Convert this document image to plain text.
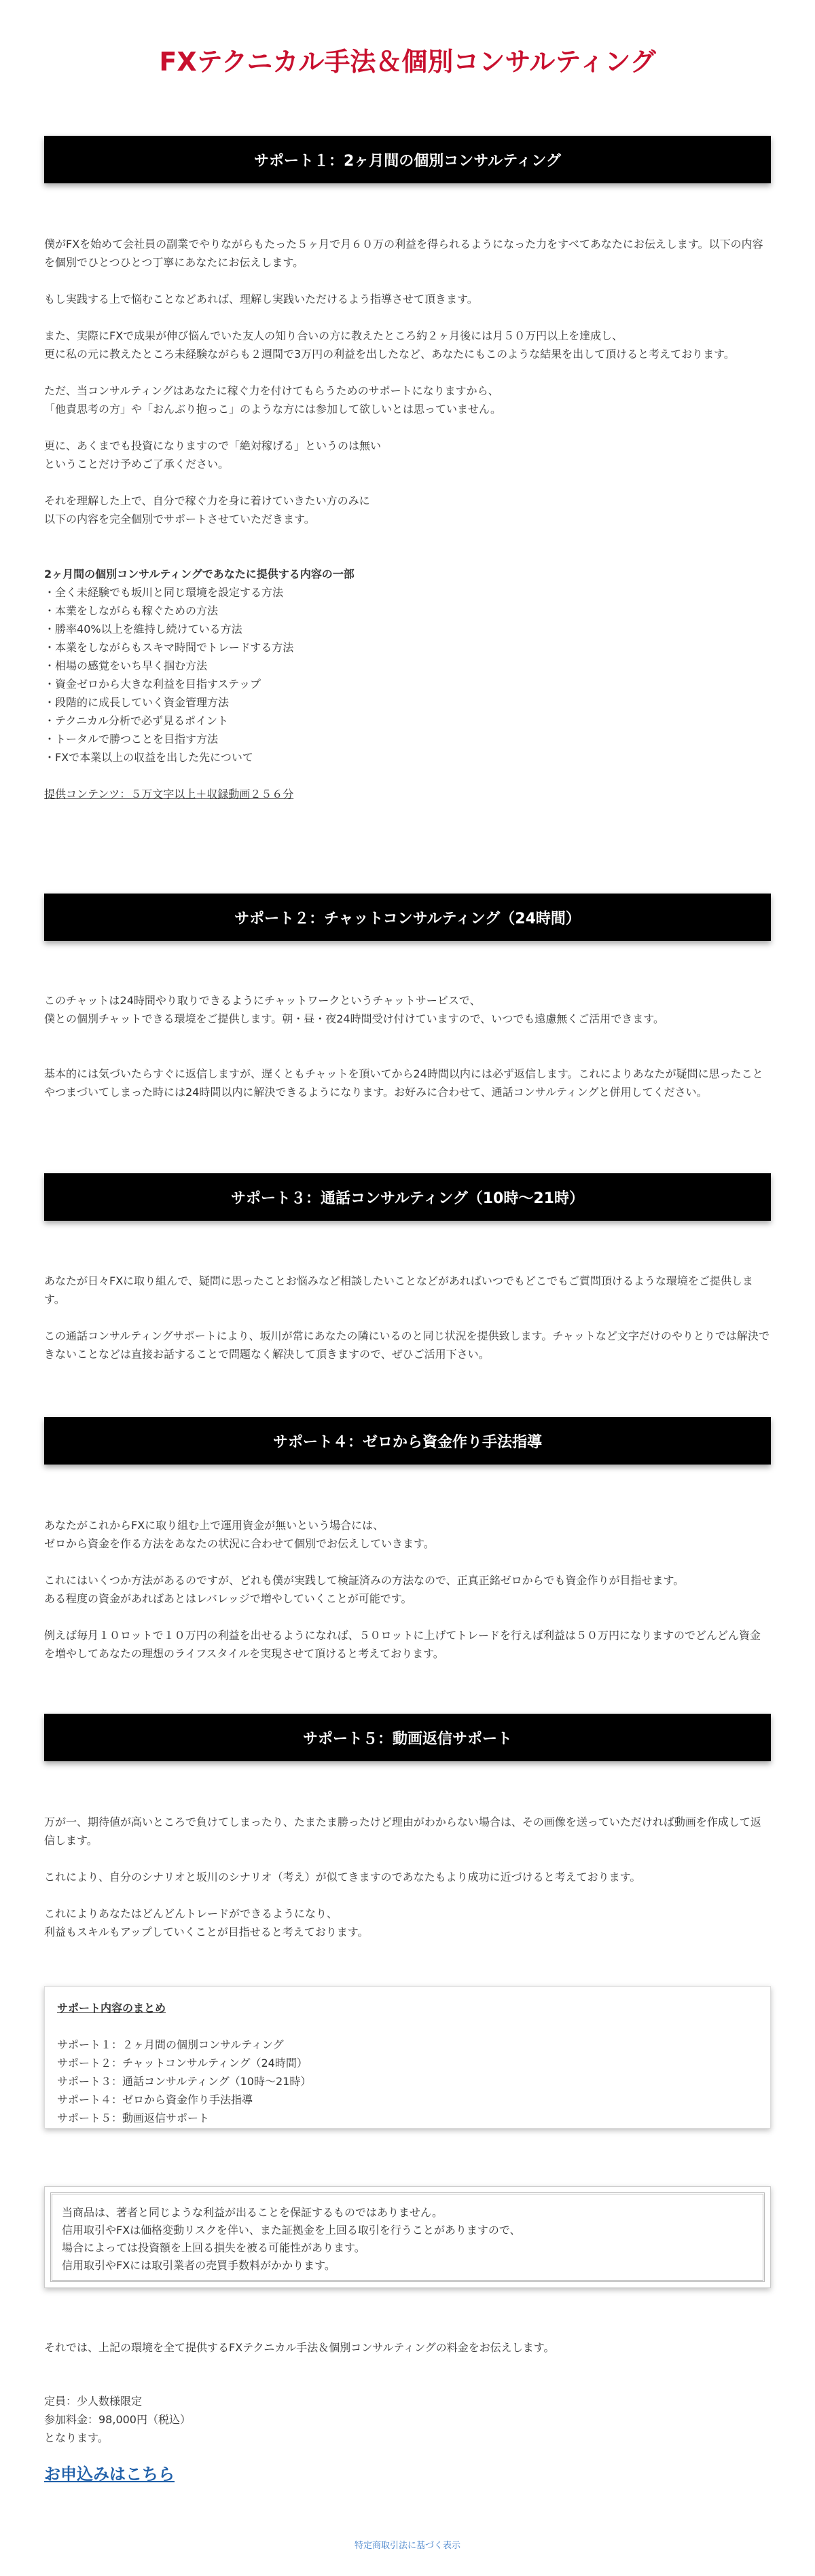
FXテクニカル手法＆個別コンサルティング
サポート１：2ヶ月間の個別コンサルティング

僕がFXを始めて会社員の副業でやりながらもたった５ヶ月で月６０万の利益を得られるようになった力をすべてあなたにお伝えします。以下の内容を個別でひとつひとつ丁寧にあなたにお伝えします。

もし実践する上で悩むことなどあれば、理解し実践いただけるよう指導させて頂きます。

また、実際にFXで成果が伸び悩んでいた友人の知り合いの方に教えたところ約２ヶ月後には月５０万円以上を達成し、
更に私の元に教えたところ未経験ながらも２週間で3万円の利益を出したなど、あなたにもこのような結果を出して頂けると考えております。

ただ、当コンサルティングはあなたに稼ぐ力を付けてもらうためのサポートになりますから、
「他責思考の方」や「おんぶり抱っこ」のような方には参加して欲しいとは思っていません。

更に、あくまでも投資になりますので「絶対稼げる」というのは無い
ということだけ予めご了承ください。

それを理解した上で、自分で稼ぐ力を身に着けていきたい方のみに
以下の内容を完全個別でサポートさせていただきます。

2ヶ月間の個別コンサルティングであなたに提供する内容の一部

・ 全く未経験でも坂川と同じ環境を設定する方法
・ 本業をしながらも稼ぐための方法
・ 勝率40%以上を維持し続けている方法
・ 本業をしながらもスキマ時間でトレードする方法
・ 相場の感覚をいち早く掴む方法
・ 資金ゼロから大きな利益を目指すステップ
・ 段階的に成長していく資金管理方法
・ テクニカル分析で必ず見るポイント
・ トータルで勝つことを目指す方法
・ FXで本業以上の収益を出した先について

提供コンテンツ：５万文字以上＋収録動画２５６分

サポート２：チャットコンサルティング（24時間）

このチャットは24時間やり取りできるようにチャットワークというチャットサービスで、
僕との個別チャットできる環境をご提供します。朝・昼・夜24時間受け付けていますので、いつでも遠慮無くご活用できます。

基本的には気づいたらすぐに返信しますが、遅くともチャットを頂いてから24時間以内には必ず返信します。これによりあなたが疑問に思ったことやつまづいてしまった時には24時間以内に解決できるようになります。お好みに合わせて、通話コンサルティングと併用してください。

サポート３：通話コンサルティング（10時〜21時）

あなたが日々FXに取り組んで、疑問に思ったことお悩みなど相談したいことなどがあればいつでもどこでもご質問頂けるような環境をご提供します。

この通話コンサルティングサポートにより、坂川が常にあなたの隣にいるのと同じ状況を提供致します。チャットなど文字だけのやりとりでは解決できないことなどは直接お話することで問題なく解決して頂きますので、ぜひご活用下さい。

サポート４：ゼロから資金作り手法指導

あなたがこれからFXに取り組む上で運用資金が無いという場合には、
ゼロから資金を作る方法をあなたの状況に合わせて個別でお伝えしていきます。

これにはいくつか方法があるのですが、どれも僕が実践して検証済みの方法なので、正真正銘ゼロからでも資金作りが目指せます。
ある程度の資金があればあとはレバレッジで増やしていくことが可能です。

例えば毎月１０ロットで１０万円の利益を出せるようになれば、５０ロットに上げてトレードを行えば利益は５０万円になりますのでどんどん資金を増やしてあなたの理想のライフスタイルを実現させて頂けると考えております。

サポート５：動画返信サポート

万が一、期待値が高いところで負けてしまったり、たまたま勝ったけど理由がわからない場合は、その画像を送っていただければ動画を作成して返信します。

これにより、自分のシナリオと坂川のシナリオ（考え）が似てきますのであなたもより成功に近づけると考えております。

これによりあなたはどんどんトレードができるようになり、
利益もスキルもアップしていくことが目指せると考えております。

サポート内容のまとめ

サポート１：２ヶ月間の個別コンサルティング

サポート２：チャットコンサルティング（24時間）

サポート３：通話コンサルティング（10時〜21時）

サポート４：ゼロから資金作り手法指導

サポート５：動画返信サポート

当商品は、著者と同じような利益が出ることを保証するものではありません。

信用取引やFXは価格変動リスクを伴い、また証拠金を上回る取引を行うことがありますので、

場合によっては投資額を上回る損失を被る可能性があります。

信用取引やFXには取引業者の売買手数料がかかります。

それでは、上記の環境を全て提供するFXテクニカル手法＆個別コンサルティングの料金をお伝えします。

定員：少人数様限定

参加料金：98,000円（税込）

となります。

お申込みはこちら
特定商取引法に基づく表示
